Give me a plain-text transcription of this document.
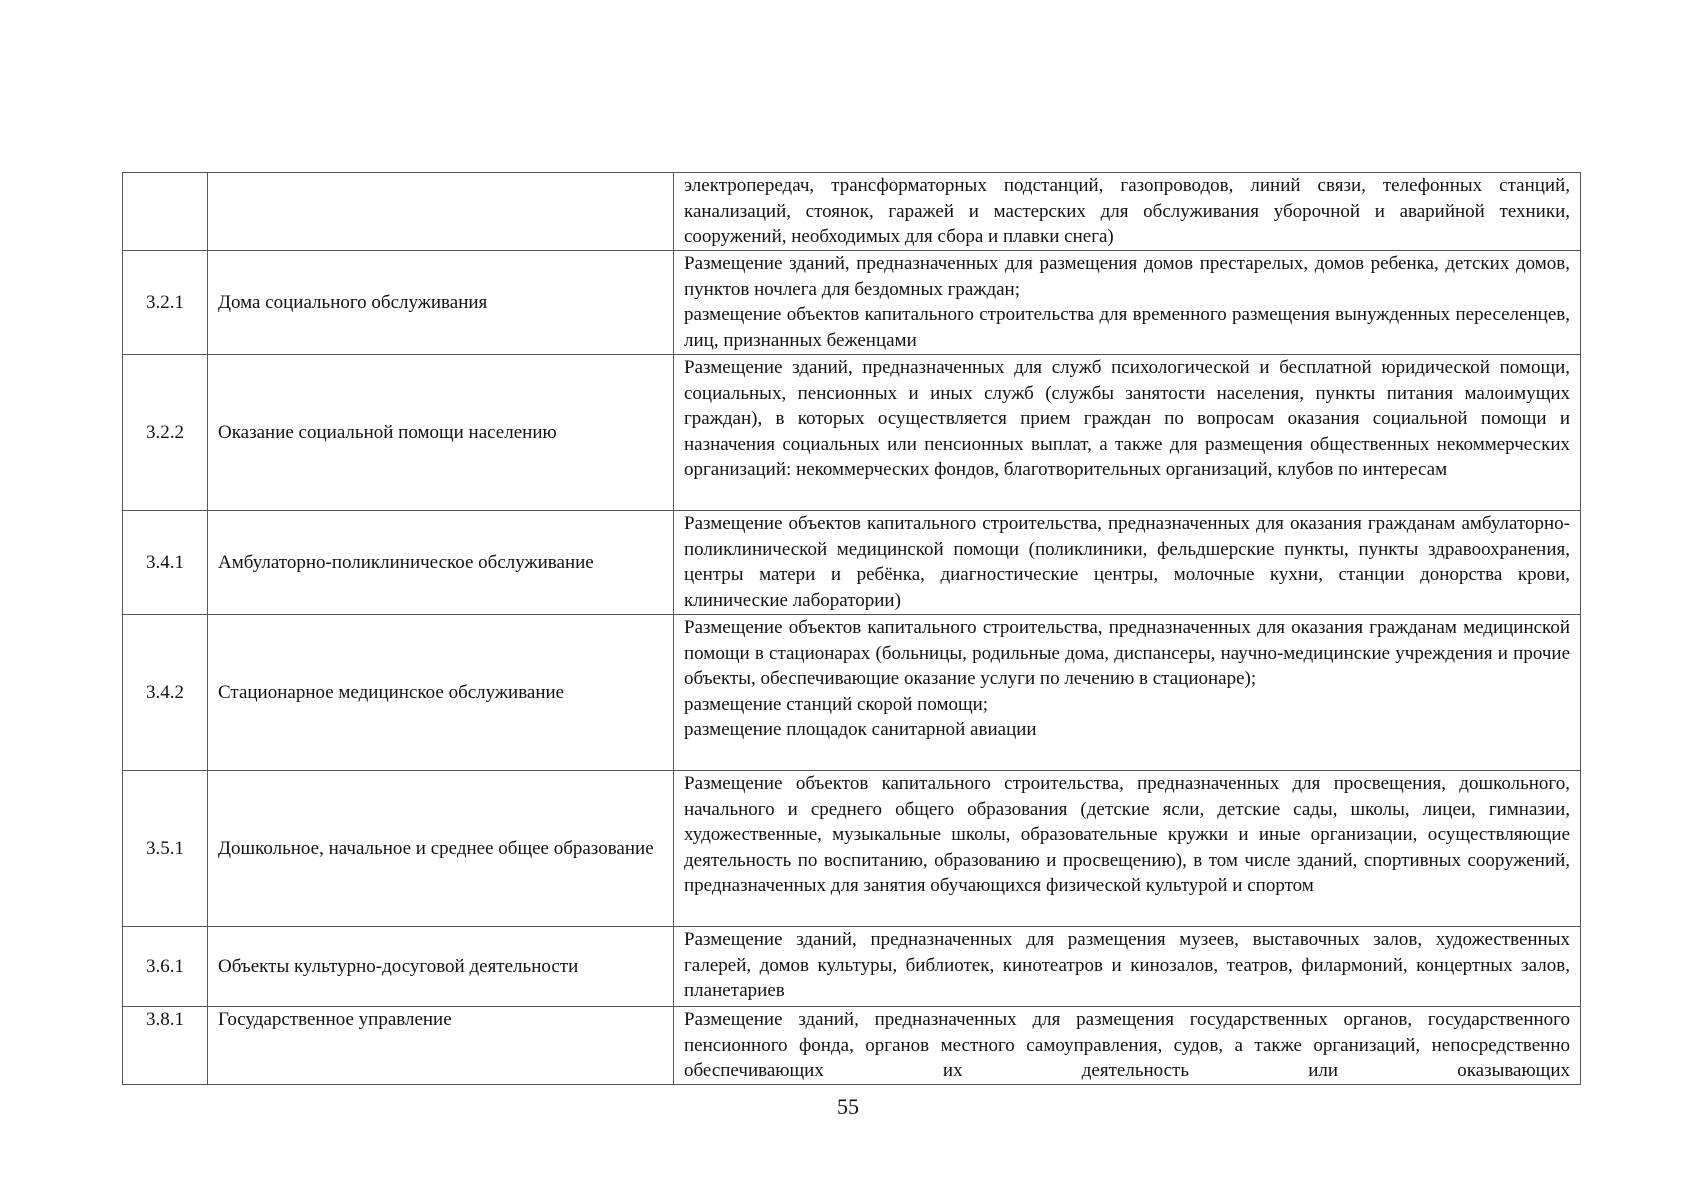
		электропередач, трансформаторных подстанций, газопроводов, линий связи, телефонных станций, канализаций, стоянок, гаражей и мастерских для обслуживания уборочной и аварийной техники, сооружений, необходимых для сбора и плавки снега)

3.2.1	Дома социального обслуживания	Размещение зданий, предназначенных для размещения домов престарелых, домов ребенка, детских домов, пунктов ночлега для бездомных граждан;

размещение объектов капитального строительства для временного размещения вынужденных переселенцев, лиц, признанных беженцами

3.2.2	Оказание социальной помощи населению	Размещение зданий, предназначенных для служб психологической и бесплатной юридической помощи, социальных, пенсионных и иных служб (службы занятости населения, пункты питания малоимущих граждан), в которых осуществляется прием граждан по вопросам оказания социальной помощи и назначения социальных или пенсионных выплат, а также для размещения общественных некоммерческих организаций: некоммерческих фондов, благотворительных организаций, клубов по интересам

3.4.1	Амбулаторно-поликлиническое обслуживание	Размещение объектов капитального строительства, предназначенных для оказания гражданам амбулаторно-поликлинической медицинской помощи (поликлиники, фельдшерские пункты, пункты здравоохранения, центры матери и ребёнка, диагностические центры, молочные кухни, станции донорства крови, клинические лаборатории)

3.4.2	Стационарное медицинское обслуживание	Размещение объектов капитального строительства, предназначенных для оказания гражданам медицинской помощи в стационарах (больницы, родильные дома, диспансеры, научно-медицинские учреждения и прочие объекты, обеспечивающие оказание услуги по лечению в стационаре);

размещение станций скорой помощи;

размещение площадок санитарной авиации

3.5.1	Дошкольное, начальное и среднее общее образование	Размещение объектов капитального строительства, предназначенных для просвещения, дошкольного, начального и среднего общего образования (детские ясли, детские сады, школы, лицеи, гимназии, художественные, музыкальные школы, образовательные кружки и иные организации, осуществляющие деятельность по воспитанию, образованию и просвещению), в том числе зданий, спортивных сооружений, предназначенных для занятия обучающихся физической культурой и спортом

3.6.1	Объекты культурно-досуговой деятельности	Размещение зданий, предназначенных для размещения музеев, выставочных залов, художественных галерей, домов культуры, библиотек, кинотеатров и кинозалов, театров, филармоний, концертных залов, планетариев

3.8.1	Государственное управление	Размещение зданий, предназначенных для размещения государственных органов, государственного пенсионного фонда, органов местного самоуправления, судов, а также организаций, непосредственно обеспечивающих их деятельность или оказывающих

55
